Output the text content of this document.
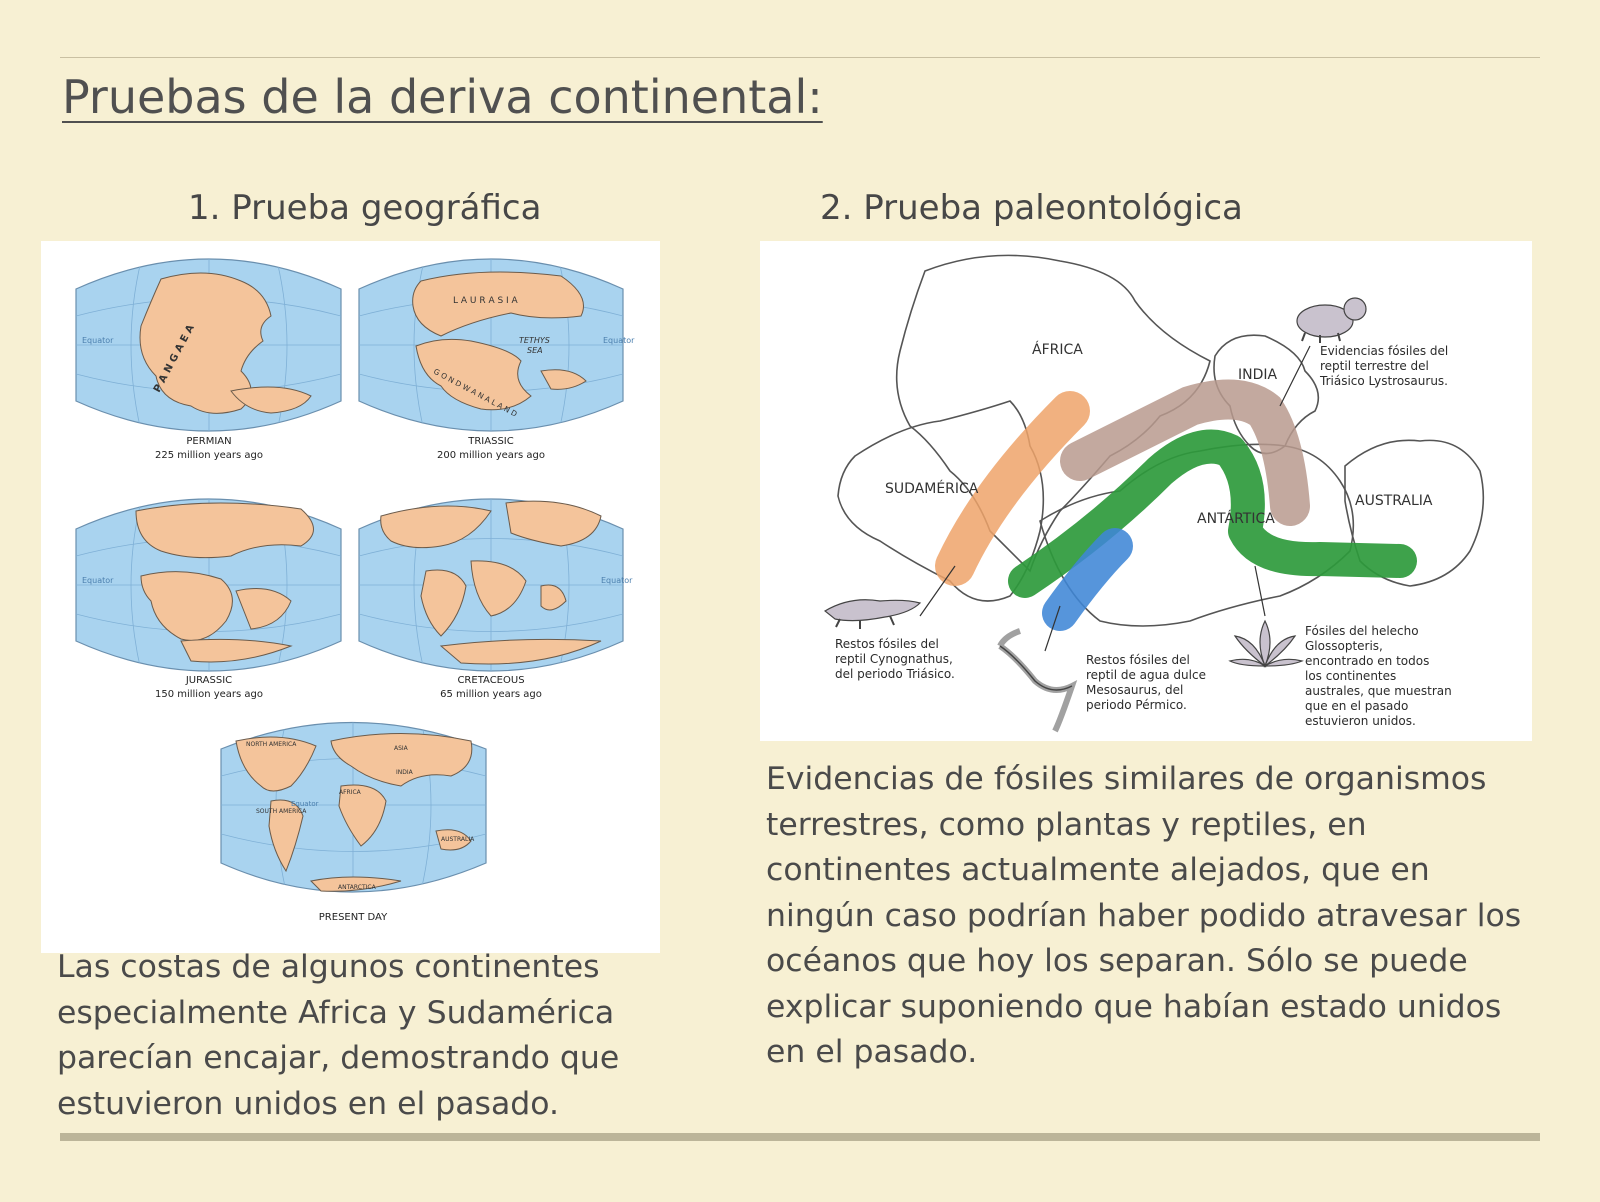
Pruebas de la deriva continental:
1. Prueba geográfica	2. Prueba paleontológica
Equator	P A N G A E A
PERMIAN
225 million years ago
Equator
L A U R A S I A
TETHYS
SEA
G O N D W A N A L A N D
TRIASSIC
200 million years ago
Equator
JURASSIC
150 million years ago
Equator
CRETACEOUS
65 million years ago
Equator
NORTH AMERICA
SOUTH AMERICA
ASIA
INDIA
AFRICA
AUSTRALIA
ANTARCTICA
PRESENT DAY
ÁFRICA
SUDAMÉRICA
INDIA
ANTÁRTICA
AUSTRALIA
Evidencias fósiles del reptil terrestre del Triásico Lystrosaurus.
Restos fósiles del reptil Cynognathus, del periodo Triásico.
Restos fósiles del reptil de agua dulce Mesosaurus, del periodo Pérmico.
Fósiles del helecho Glossopteris, encontrado en todos los continentes australes, que muestran que en el pasado estuvieron unidos.

Las costas de algunos continentes especialmente Africa y Sudamérica parecían encajar, demostrando que estuvieron unidos en el pasado.

Evidencias de fósiles similares de organismos terrestres, como plantas y reptiles, en continentes actualmente alejados, que en ningún caso podrían haber podido atravesar los océanos que hoy los separan. Sólo se puede explicar suponiendo que habían estado unidos en el pasado.
